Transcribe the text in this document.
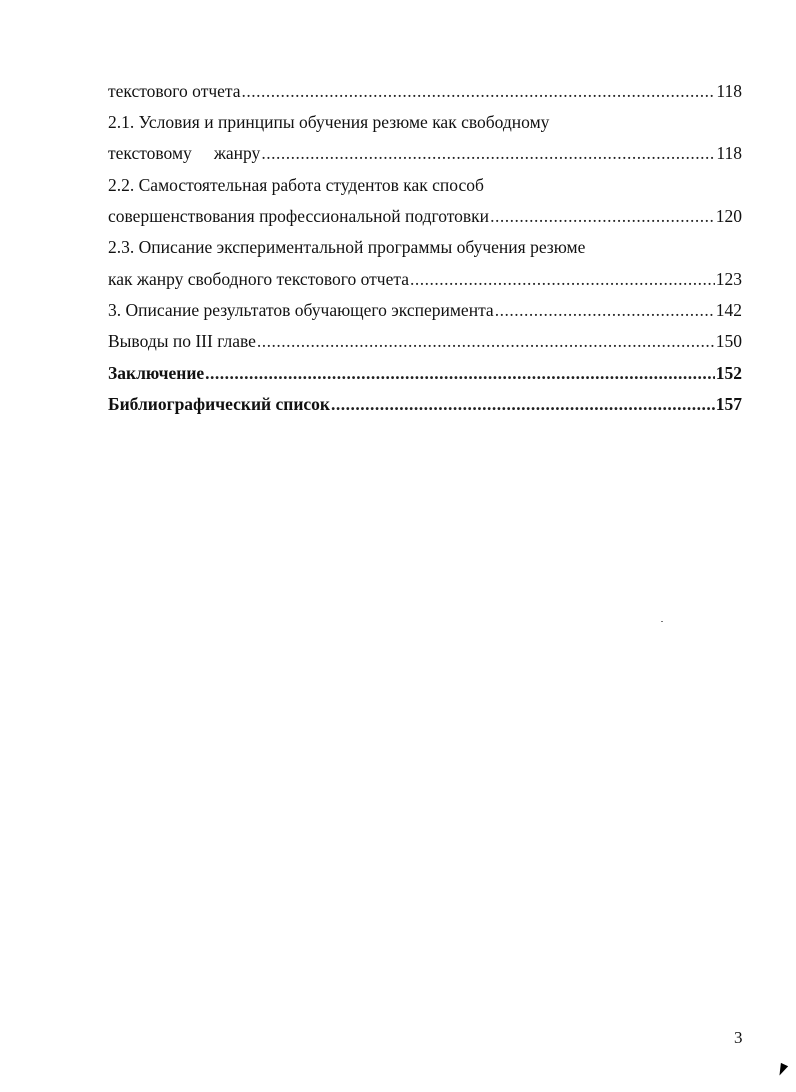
текстового отчета .....	118
2.1. Условия и принципы обучения резюме как свободному
текстовому жанру .....	118
2.2. Самостоятельная работа студентов как способ
совершенствования профессиональной подготовки .....	120
2.3. Описание экспериментальной программы обучения резюме
как жанру свободного текстового отчета .....	123
3. Описание результатов обучающего эксперимента .....	142
Выводы по III главе .....	150
Заключение .....	152
Библиографический список .....	157
3
